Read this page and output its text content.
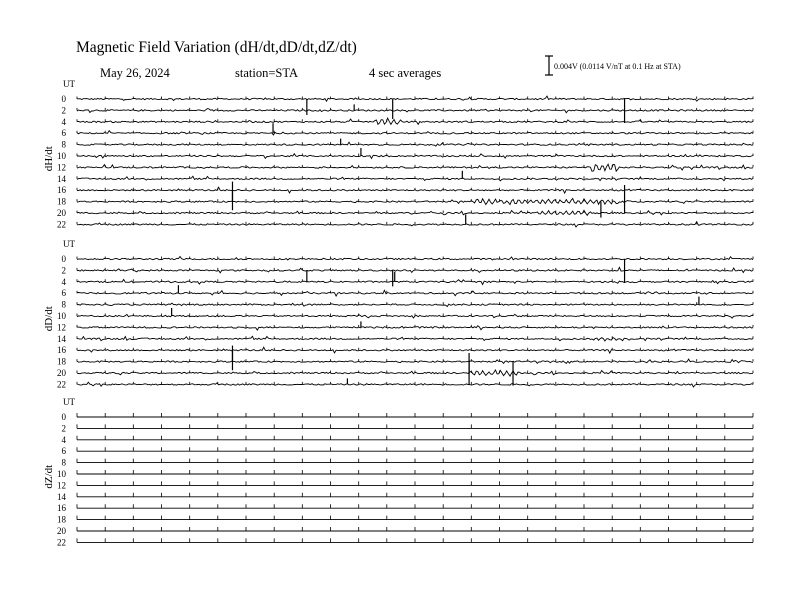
Magnetic Field Variation (dH/dt,dD/dt,dZ/dt)
May 26, 2024	station=STA	4 sec averages	0.004V (0.0114 V/nT at 0.1 Hz at STA)
UT
dH/dt
0
2
4
6
8
10
12
14
16
18
20
22
UT
dD/dt
0
2
4
6
8
10
12
14
16
18
20
22
UT
dZ/dt
0
2
4
6
8
10
12
14
16
18
20
22
